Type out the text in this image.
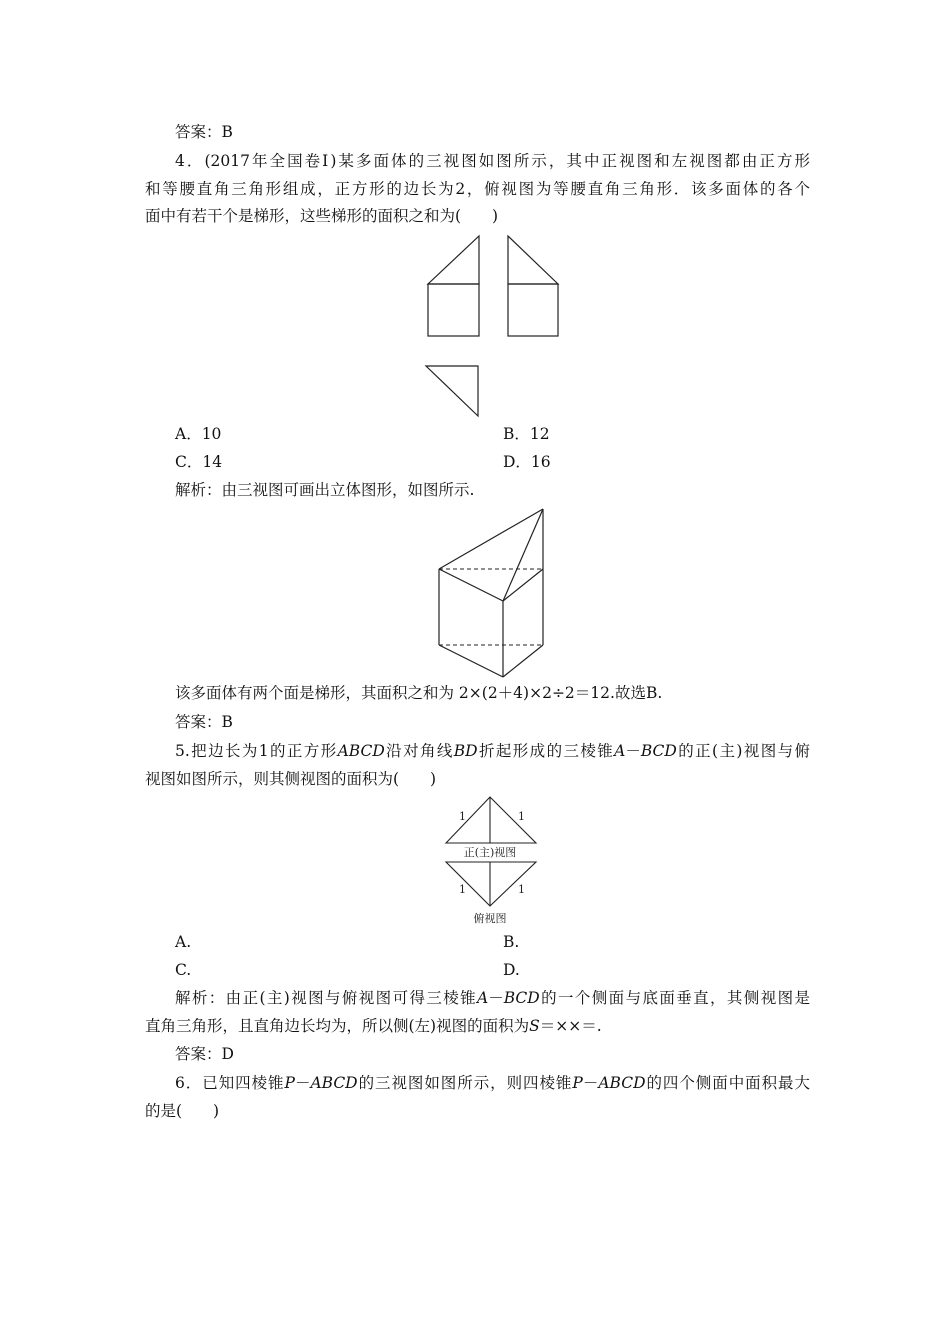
答案：B
4．(2017年全国卷Ⅰ)某多面体的三视图如图所示，其中正视图和左视图都由正方形
和等腰直角三角形组成，正方形的边长为2，俯视图为等腰直角三角形．该多面体的各个
面中有若干个是梯形，这些梯形的面积之和为(　　)
A．10	B．12
C．14	D．16
解析：由三视图可画出立体图形，如图所示.
该多面体有两个面是梯形，其面积之和为 2×(2＋4)×2÷2＝12.故选B.
答案：B
5.把边长为1的正方形ABCD沿对角线BD折起形成的三棱锥A－BCD的正(主)视图与俯
视图如图所示，则其侧视图的面积为(　　)
1	1
正(主)视图
1	1
俯视图
A.	B.
C.	D.
解析：由正(主)视图与俯视图可得三棱锥A－BCD的一个侧面与底面垂直，其侧视图是
直角三角形，且直角边长均为，所以侧(左)视图的面积为S＝××＝.
答案：D
6．已知四棱锥P－ABCD的三视图如图所示，则四棱锥P－ABCD的四个侧面中面积最大
的是(　　)
